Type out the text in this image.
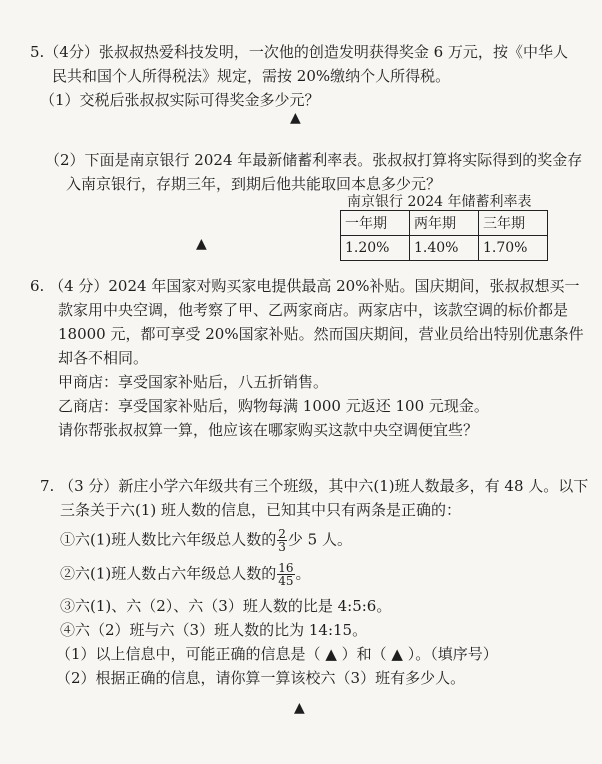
5.（4分）张叔叔热爱科技发明，一次他的创造发明获得奖金 6 万元，按《中华人
民共和国个人所得税法》规定，需按 20%缴纳个人所得税。
（1）交税后张叔叔实际可得奖金多少元？
▲
（2）下面是南京银行 2024 年最新储蓄利率表。张叔叔打算将实际得到的奖金存
入南京银行，存期三年，到期后他共能取回本息多少元？
南京银行 2024 年储蓄利率表
一年期	两年期	三年期
1.20%	1.40%	1.70%
▲
6. （4 分）2024 年国家对购买家电提供最高 20%补贴。国庆期间，张叔叔想买一
款家用中央空调，他考察了甲、乙两家商店。两家店中，该款空调的标价都是
18000 元，都可享受 20%国家补贴。然而国庆期间，营业员给出特别优惠条件
却各不相同。
甲商店：享受国家补贴后，八五折销售。
乙商店：享受国家补贴后，购物每满 1000 元返还 100 元现金。
请你帮张叔叔算一算，他应该在哪家购买这款中央空调便宜些？
7. （3 分）新庄小学六年级共有三个班级，其中六(1)班人数最多，有 48 人。以下
三条关于六(1) 班人数的信息，已知其中只有两条是正确的：
①六(1)班人数比六年级总人数的 $\frac{2}{3}$ 少 5 人。
②六(1)班人数占六年级总人数的 $\frac{16}{45}$ 。
③六(1)、六（2）、六（3）班人数的比是 4:5:6。
④六（2）班与六（3）班人数的比为 14:15。
（1）以上信息中，可能正确的信息是（ ▲ ）和（ ▲ ）。（填序号）
（2）根据正确的信息，请你算一算该校六（3）班有多少人。
▲
